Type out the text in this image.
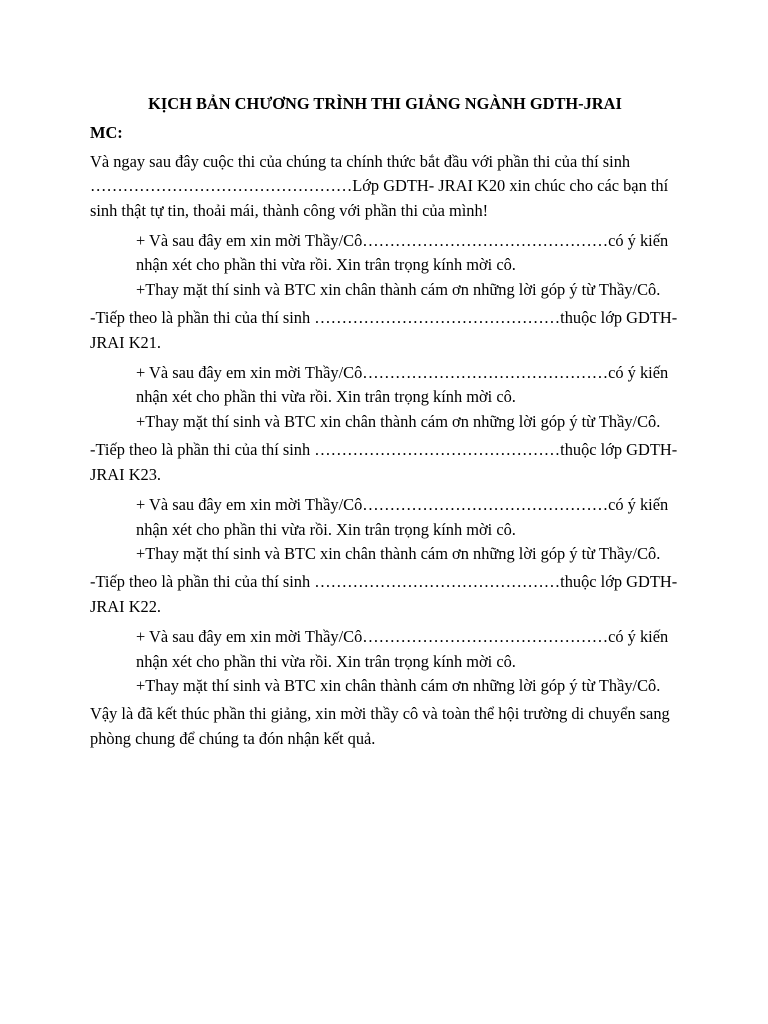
KỊCH BẢN CHƯƠNG TRÌNH THI GIẢNG NGÀNH GDTH-JRAI

MC:

Và ngay sau đây cuộc thi của chúng ta chính thức bắt đầu với phần thi của thí sinh …………………………………………Lớp GDTH- JRAI K20 xin chúc cho các bạn thí sinh thật tự tin, thoải mái, thành công với phần thi của mình!

+ Và sau đây em xin mời Thầy/Cô………………………………………có ý kiến nhận xét cho phần thi vừa rồi. Xin trân trọng kính mời cô.

+Thay mặt thí sinh và BTC xin chân thành cám ơn những lời góp ý từ Thầy/Cô.

-Tiếp theo là phần thi của thí sinh ………………………………………thuộc lớp GDTH- JRAI K21.

+ Và sau đây em xin mời Thầy/Cô………………………………………có ý kiến nhận xét cho phần thi vừa rồi. Xin trân trọng kính mời cô.

+Thay mặt thí sinh và BTC xin chân thành cám ơn những lời góp ý từ Thầy/Cô.

-Tiếp theo là phần thi của thí sinh ………………………………………thuộc lớp GDTH- JRAI K23.

+ Và sau đây em xin mời Thầy/Cô………………………………………có ý kiến nhận xét cho phần thi vừa rồi. Xin trân trọng kính mời cô.

+Thay mặt thí sinh và BTC xin chân thành cám ơn những lời góp ý từ Thầy/Cô.

-Tiếp theo là phần thi của thí sinh ………………………………………thuộc lớp GDTH- JRAI K22.

+ Và sau đây em xin mời Thầy/Cô………………………………………có ý kiến nhận xét cho phần thi vừa rồi. Xin trân trọng kính mời cô.

+Thay mặt thí sinh và BTC xin chân thành cám ơn những lời góp ý từ Thầy/Cô.

Vậy là đã kết thúc phần thi giảng, xin mời thầy cô và toàn thể hội trường di chuyển sang phòng chung để chúng ta đón nhận kết quả.
